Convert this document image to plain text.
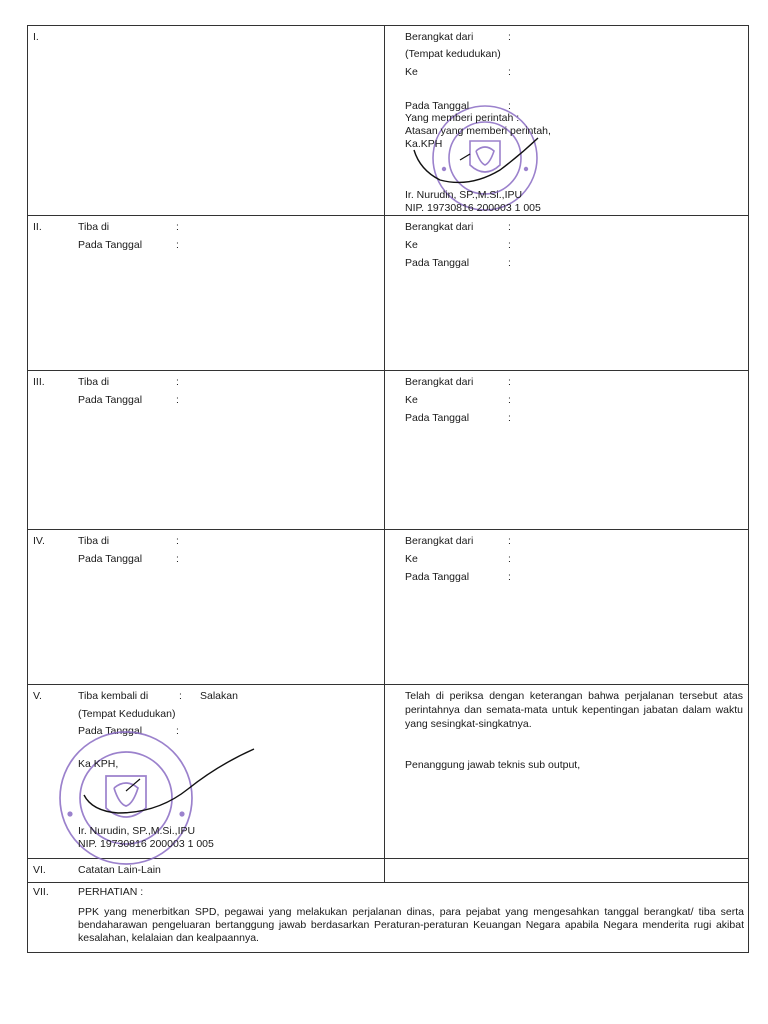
I.	Berangkat dari	:
(Tempat kedudukan)
Ke	:
Pada Tanggal	:
Yang memberi perintah :
Atasan yang memberi perintah,
Ka.KPH
Ir. Nurudin, SP.,M.Si.,IPU
NIP. 19730816 200003 1 005
II.	Tiba di	:
Pada Tanggal	:
Berangkat dari	:
Ke	:
Pada Tanggal	:
III.	Tiba di	:
Pada Tanggal	:
Berangkat dari	:
Ke	:
Pada Tanggal	:
IV.	Tiba di	:
Pada Tanggal	:
Berangkat dari	:
Ke	:
Pada Tanggal	:
V.	Tiba kembali di	: Salakan
(Tempat Kedudukan)
Pada Tanggal	:
Ka KPH,
Ir. Nurudin, SP.,M.Si.,IPU
NIP. 19730816 200003 1 005
Telah di periksa dengan keterangan bahwa perjalanan tersebut atas perintahnya dan semata-mata untuk kepentingan jabatan dalam waktu yang sesingkat-singkatnya.
Penanggung jawab teknis sub output,
VI.	Catatan Lain-Lain
VII.	PERHATIAN :
PPK yang menerbitkan SPD, pegawai yang melakukan perjalanan dinas, para pejabat yang mengesahkan tanggal berangkat/ tiba serta bendaharawan pengeluaran bertanggung jawab berdasarkan Peraturan-peraturan Keuangan Negara apabila Negara menderita rugi akibat kesalahan, kelalaian dan kealpaannya.
